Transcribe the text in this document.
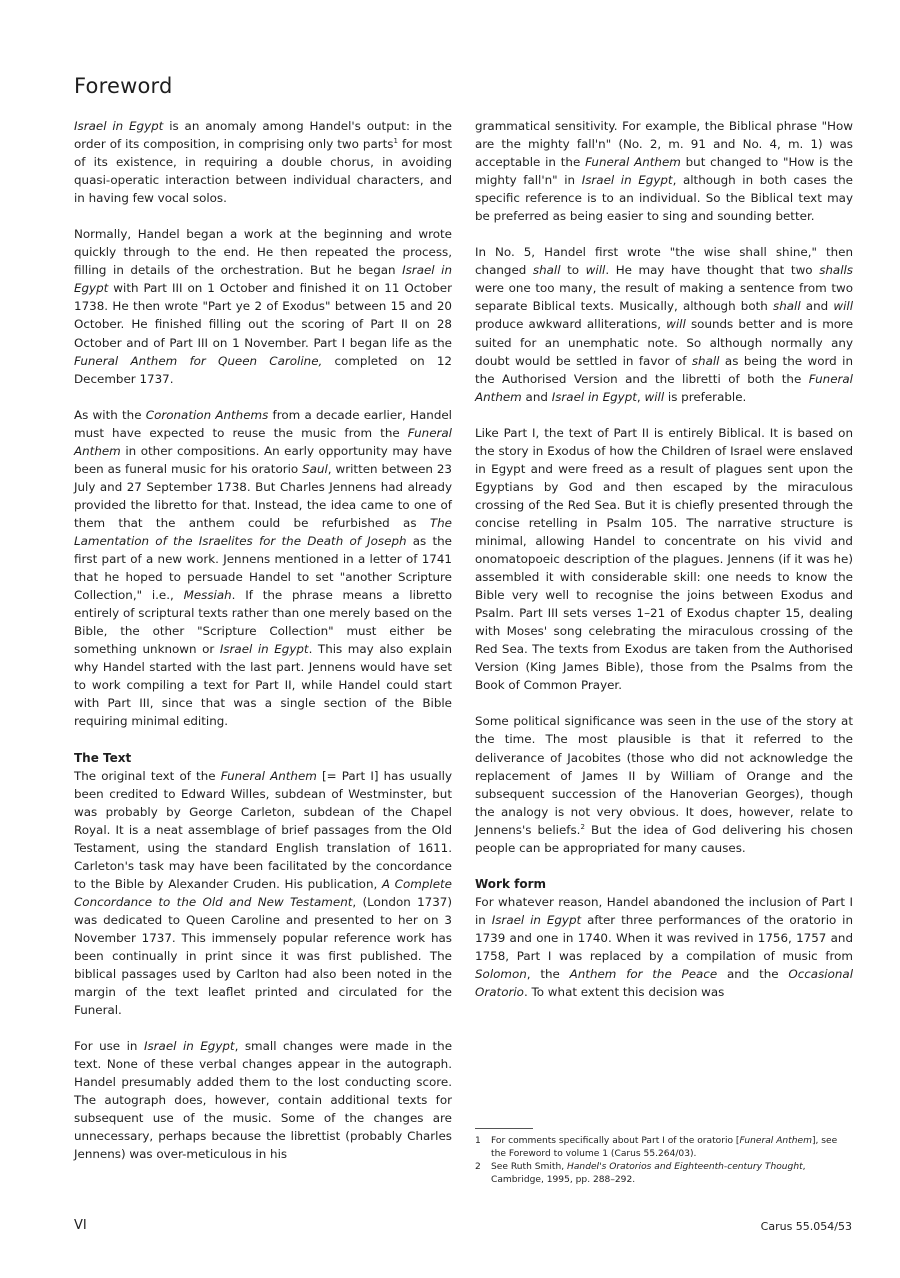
Foreword

Israel in Egypt is an anomaly among Handel's output: in the order of its composition, in comprising only two parts$^1$ for most of its existence, in requiring a double chorus, in avoiding quasi-operatic interaction between individual characters, and in having few vocal solos.

Normally, Handel began a work at the beginning and wrote quickly through to the end. He then repeated the process, filling in details of the orchestration. But he began Israel in Egypt with Part III on 1 October and finished it on 11 October 1738. He then wrote "Part ye 2 of Exodus" between 15 and 20 October. He finished filling out the scoring of Part II on 28 October and of Part III on 1 November. Part I began life as the Funeral Anthem for Queen Caroline, completed on 12 December 1737.

As with the Coronation Anthems from a decade earlier, Handel must have expected to reuse the music from the Funeral Anthem in other compositions. An early opportunity may have been as funeral music for his oratorio Saul, written between 23 July and 27 September 1738. But Charles Jennens had already provided the libretto for that. Instead, the idea came to one of them that the anthem could be refurbished as The Lamentation of the Israelites for the Death of Joseph as the first part of a new work. Jennens mentioned in a letter of 1741 that he hoped to persuade Handel to set "another Scripture Collection," i.e., Messiah. If the phrase means a libretto entirely of scriptural texts rather than one merely based on the Bible, the other "Scripture Collection" must either be something unknown or Israel in Egypt. This may also explain why Handel started with the last part. Jennens would have set to work compiling a text for Part II, while Handel could start with Part III, since that was a single section of the Bible requiring minimal editing.

The Text

The original text of the Funeral Anthem [= Part I] has usually been credited to Edward Willes, subdean of Westminster, but was probably by George Carleton, subdean of the Chapel Royal. It is a neat assemblage of brief passages from the Old Testament, using the standard English translation of 1611. Carleton's task may have been facilitated by the concordance to the Bible by Alexander Cruden. His publication, A Complete Concordance to the Old and New Testament, (London 1737) was dedicated to Queen Caroline and presented to her on 3 November 1737. This immensely popular reference work has been continually in print since it was first published. The biblical passages used by Carlton had also been noted in the margin of the text leaflet printed and circulated for the Funeral.

For use in Israel in Egypt, small changes were made in the text. None of these verbal changes appear in the autograph. Handel presumably added them to the lost conducting score. The autograph does, however, contain additional texts for subsequent use of the music. Some of the changes are unnecessary, perhaps because the librettist (probably Charles Jennens) was over-meticulous in his

grammatical sensitivity. For example, the Biblical phrase "How are the mighty fall'n" (No. 2, m. 91 and No. 4, m. 1) was acceptable in the Funeral Anthem but changed to "How is the mighty fall'n" in Israel in Egypt, although in both cases the specific reference is to an individual. So the Biblical text may be preferred as being easier to sing and sounding better.

In No. 5, Handel first wrote "the wise shall shine," then changed shall to will. He may have thought that two shalls were one too many, the result of making a sentence from two separate Biblical texts. Musically, although both shall and will produce awkward alliterations, will sounds better and is more suited for an unemphatic note. So although normally any doubt would be settled in favor of shall as being the word in the Authorised Version and the libretti of both the Funeral Anthem and Israel in Egypt, will is preferable.

Like Part I, the text of Part II is entirely Biblical. It is based on the story in Exodus of how the Children of Israel were enslaved in Egypt and were freed as a result of plagues sent upon the Egyptians by God and then escaped by the miraculous crossing of the Red Sea. But it is chiefly presented through the concise retelling in Psalm 105. The narrative structure is minimal, allowing Handel to concentrate on his vivid and onomatopoeic description of the plagues. Jennens (if it was he) assembled it with considerable skill: one needs to know the Bible very well to recognise the joins between Exodus and Psalm. Part III sets verses 1–21 of Exodus chapter 15, dealing with Moses' song celebrating the miraculous crossing of the Red Sea. The texts from Exodus are taken from the Authorised Version (King James Bible), those from the Psalms from the Book of Common Prayer.

Some political significance was seen in the use of the story at the time. The most plausible is that it referred to the deliverance of Jacobites (those who did not acknowledge the replacement of James II by William of Orange and the subsequent succession of the Hanoverian Georges), though the analogy is not very obvious. It does, however, relate to Jennens's beliefs.$^2$ But the idea of God delivering his chosen people can be appropriated for many causes.

Work form

For whatever reason, Handel abandoned the inclusion of Part I in Israel in Egypt after three performances of the oratorio in 1739 and one in 1740. When it was revived in 1756, 1757 and 1758, Part I was replaced by a compilation of music from Solomon, the Anthem for the Peace and the Occasional Oratorio. To what extent this decision was

1	For comments specifically about Part I of the oratorio [Funeral Anthem], see the Foreword to volume 1 (Carus 55.264/03).
2	See Ruth Smith, Handel's Oratorios and Eighteenth-century Thought, Cambridge, 1995, pp. 288–292.
VI	Carus 55.054/53
